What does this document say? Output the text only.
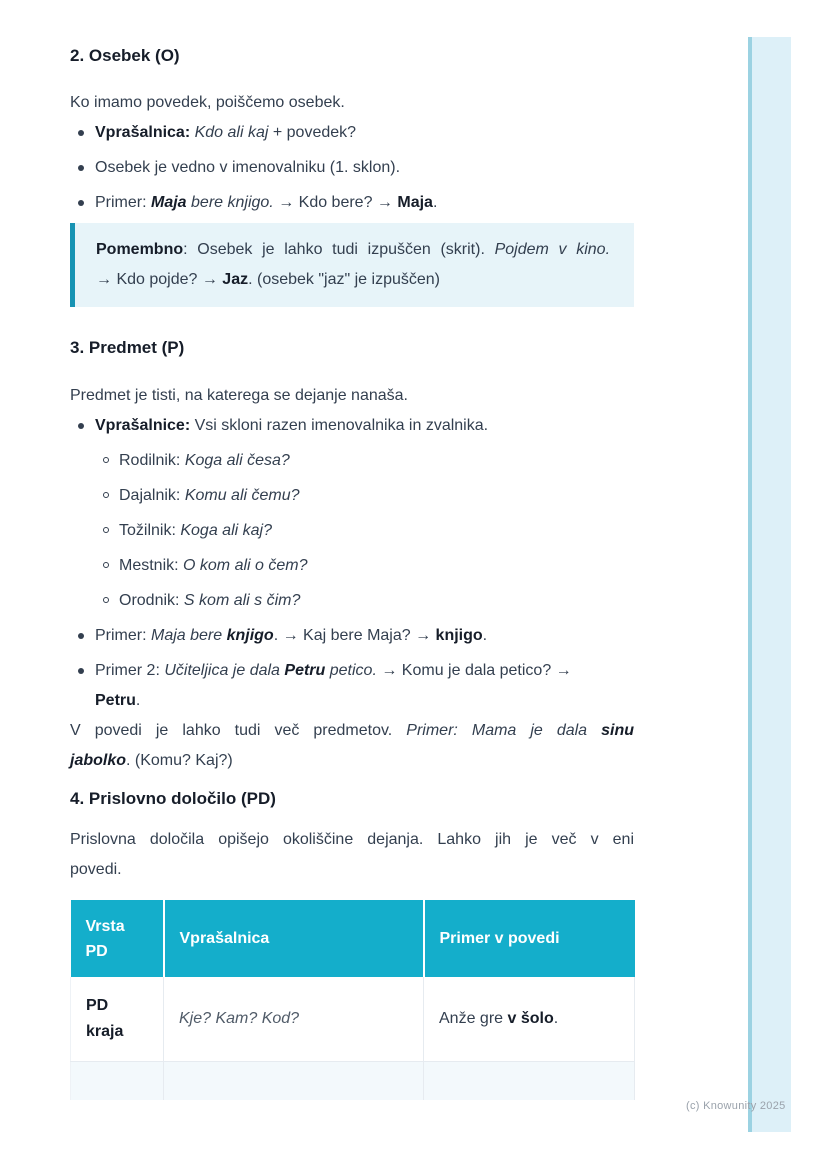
2. Osebek (O)

Ko imamo povedek, poiščemo osebek.

Vprašalnica: Kdo ali kaj + povedek?
Osebek je vedno v imenovalniku (1. sklon).
Primer: Maja bere knjigo. → Kdo bere? → Maja.
Pomembno: Osebek je lahko tudi izpuščen (skrit). Pojdem v kino.
→ Kdo pojde? → Jaz. (osebek "jaz" je izpuščen)
3. Predmet (P)

Predmet je tisti, na katerega se dejanje nanaša.

Vprašalnice: Vsi skloni razen imenovalnika in zvalnika.
Rodilnik: Koga ali česa?
Dajalnik: Komu ali čemu?
Tožilnik: Koga ali kaj?
Mestnik: O kom ali o čem?
Orodnik: S kom ali s čim?
Primer: Maja bere knjigo. → Kaj bere Maja? → knjigo.
Primer 2: Učiteljica je dala Petru petico. → Komu je dala petico? →
Petru.
V povedi je lahko tudi več predmetov. Primer: Mama je dala sinu
jabolko. (Komu? Kaj?)
4. Prislovno določilo (PD)
Prislovna določila opišejo okoliščine dejanja. Lahko jih je več v eni
povedi.
Vrsta PD	Vprašalnica	Primer v povedi
PD kraja	Kje? Kam? Kod?	Anže gre v šolo.

(c) Knowunity 2025
